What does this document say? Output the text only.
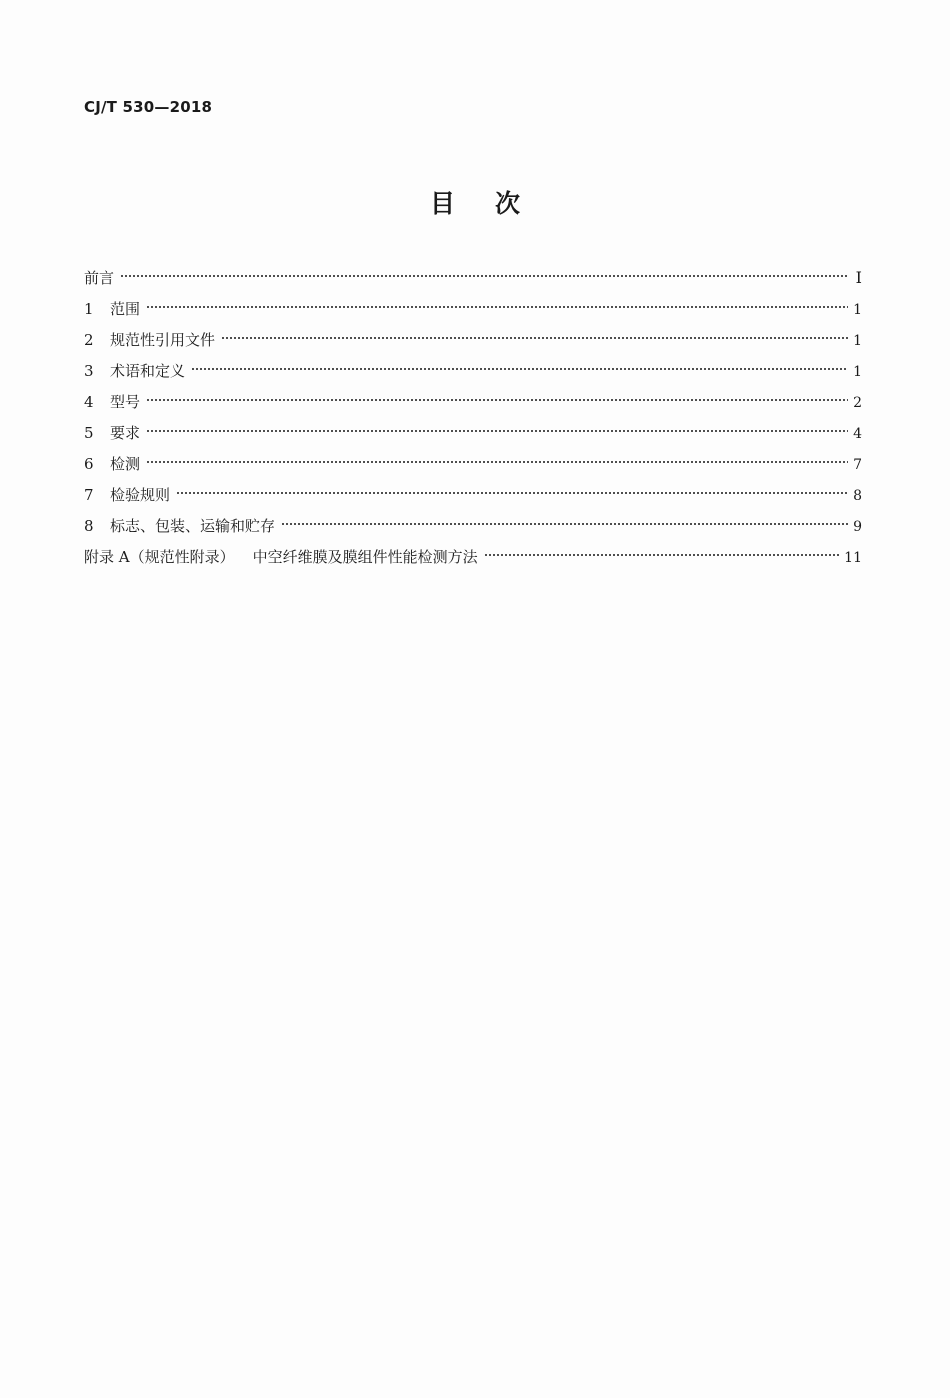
CJ/T 530—2018
目次
前言	I
1	范围	1
2	规范性引用文件	1
3	术语和定义	1
4	型号	2
5	要求	4
6	检测	7
7	检验规则	8
8	标志、包装、运输和贮存	9
附录 A（规范性附录） 中空纤维膜及膜组件性能检测方法	11
